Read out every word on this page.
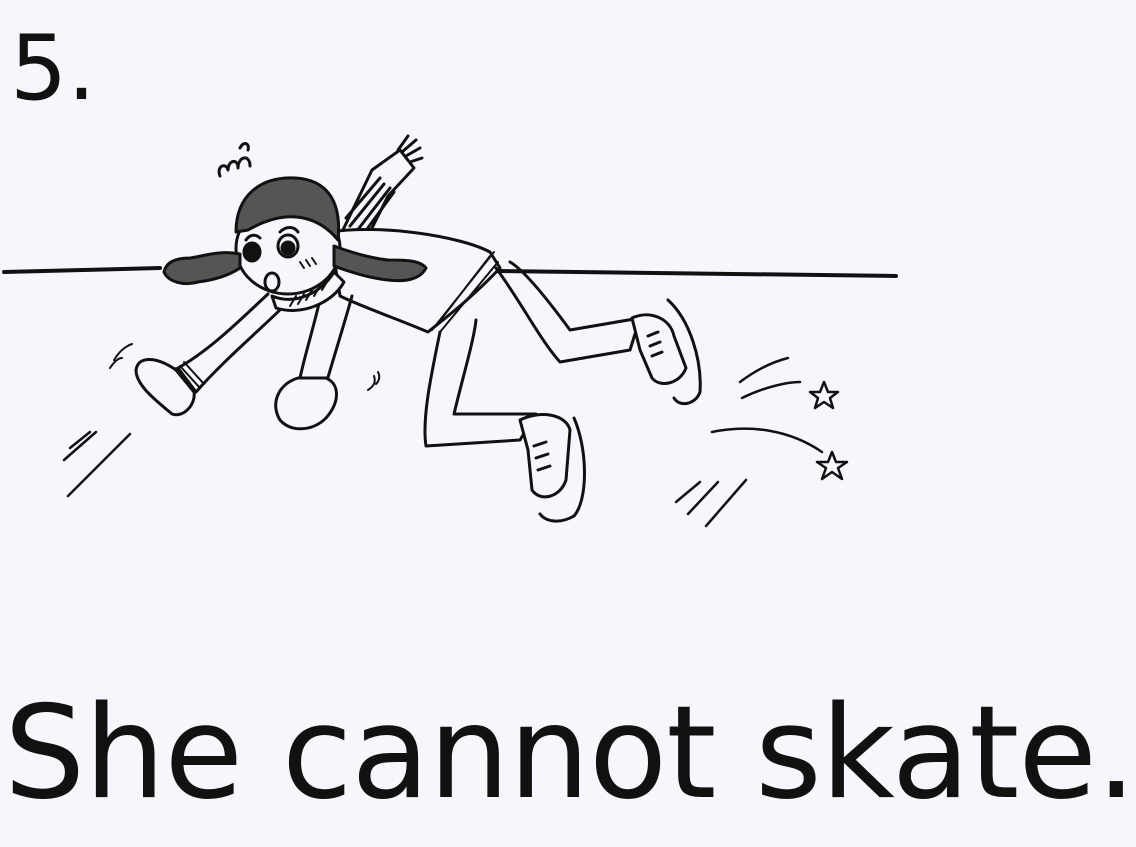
5.

She cannot skate.
